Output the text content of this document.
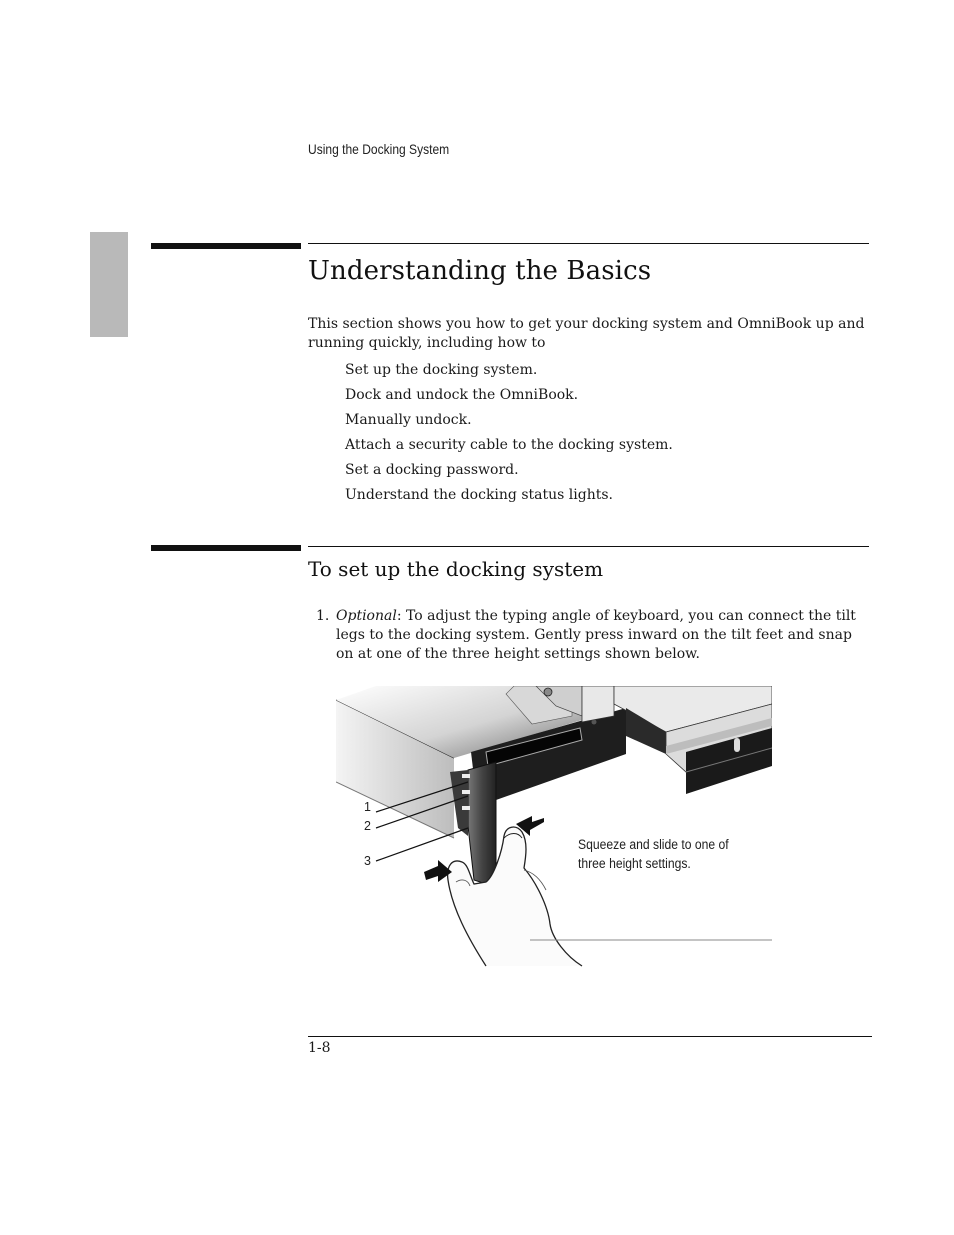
Using the Docking System
Understanding the Basics
This section shows you how to get your docking system and OmniBook up and running quickly, including how to
Set up the docking system.
Dock and undock the OmniBook.
Manually undock.
Attach a security cable to the docking system.
Set a docking password.
Understand the docking status lights.
To set up the docking system
1. Optional: To adjust the typing angle of keyboard, you can connect the tilt legs to the docking system. Gently press inward on the tilt feet and snap on at one of the three height settings shown below.
1
2
3
Squeeze and slide to one of three height settings.
1-8
